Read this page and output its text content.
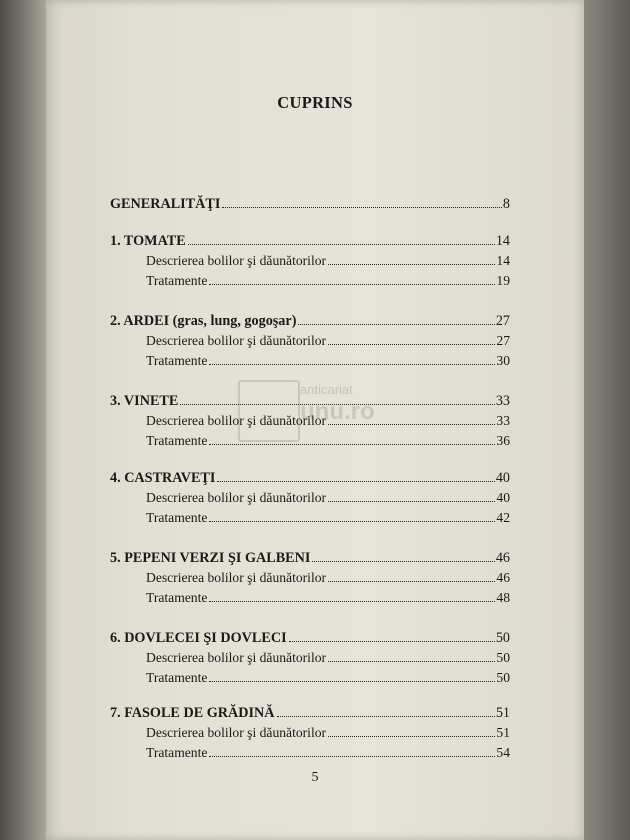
anticariat
unu.ro
CUPRINS
GENERALITĂŢI	8
1. TOMATE	14
Descrierea bolilor şi dăunătorilor	14
Tratamente	19
2. ARDEI (gras, lung, gogoşar)	27
Descrierea bolilor şi dăunătorilor	27
Tratamente	30
3. VINETE	33
Descrierea bolilor şi dăunătorilor	33
Tratamente	36
4. CASTRAVEŢI	40
Descrierea bolilor şi dăunătorilor	40
Tratamente	42
5. PEPENI VERZI ŞI GALBENI	46
Descrierea bolilor şi dăunătorilor	46
Tratamente	48
6. DOVLECEI ŞI DOVLECI	50
Descrierea bolilor şi dăunătorilor	50
Tratamente	50
7. FASOLE DE GRĂDINĂ	51
Descrierea bolilor şi dăunătorilor	51
Tratamente	54
5
